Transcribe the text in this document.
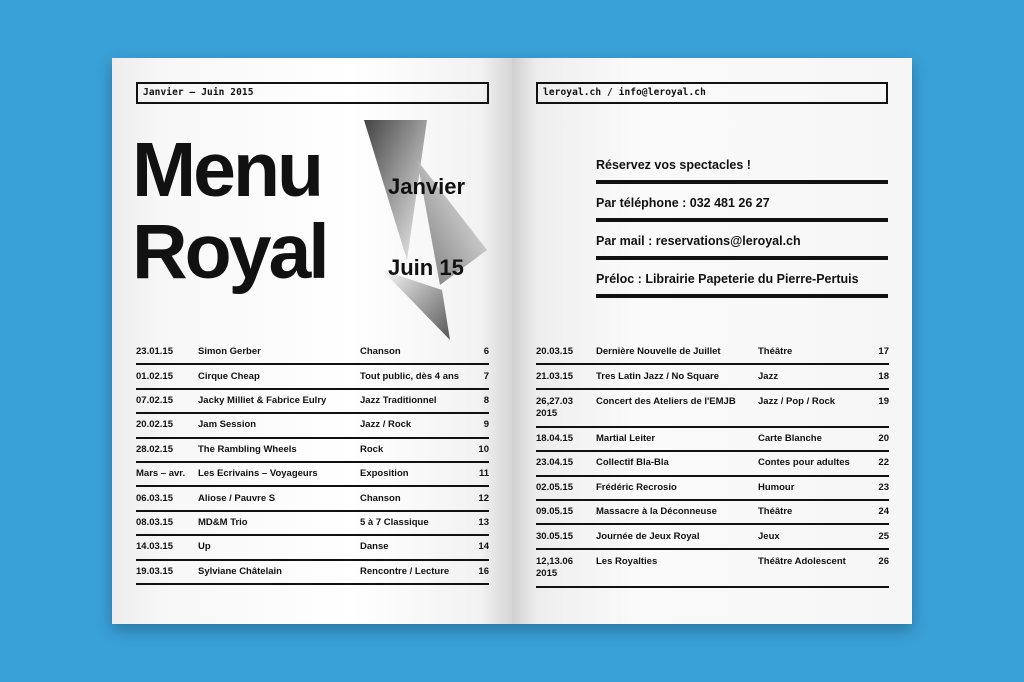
Janvier — Juin 2015
Menu
Royal
Janvier
Juin 15
23.01.15	Simon Gerber	Chanson	6
01.02.15	Cirque Cheap	Tout public, dès 4 ans	7
07.02.15	Jacky Milliet & Fabrice Eulry	Jazz Traditionnel	8
20.02.15	Jam Session	Jazz / Rock	9
28.02.15	The Rambling Wheels	Rock	10
Mars – avr.	Les Ecrivains – Voyageurs	Exposition	11
06.03.15	Aliose / Pauvre S	Chanson	12
08.03.15	MD&M Trio	5 à 7 Classique	13
14.03.15	Up	Danse	14
19.03.15	Sylviane Châtelain	Rencontre / Lecture	16
leroyal.ch / info@leroyal.ch
Réservez vos spectacles !
Par téléphone : 032 481 26 27
Par mail : reservations@leroyal.ch
Préloc : Librairie Papeterie du Pierre-Pertuis
20.03.15	Dernière Nouvelle de Juillet	Théâtre	17
21.03.15	Tres Latin Jazz / No Square	Jazz	18
26,27.03 2015	Concert des Ateliers de l'EMJB	Jazz / Pop / Rock	19
18.04.15	Martial Leiter	Carte Blanche	20
23.04.15	Collectif Bla-Bla	Contes pour adultes	22
02.05.15	Frédéric Recrosio	Humour	23
09.05.15	Massacre à la Déconneuse	Théâtre	24
30.05.15	Journée de Jeux Royal	Jeux	25
12,13.06 2015	Les Royalties	Théâtre Adolescent	26
